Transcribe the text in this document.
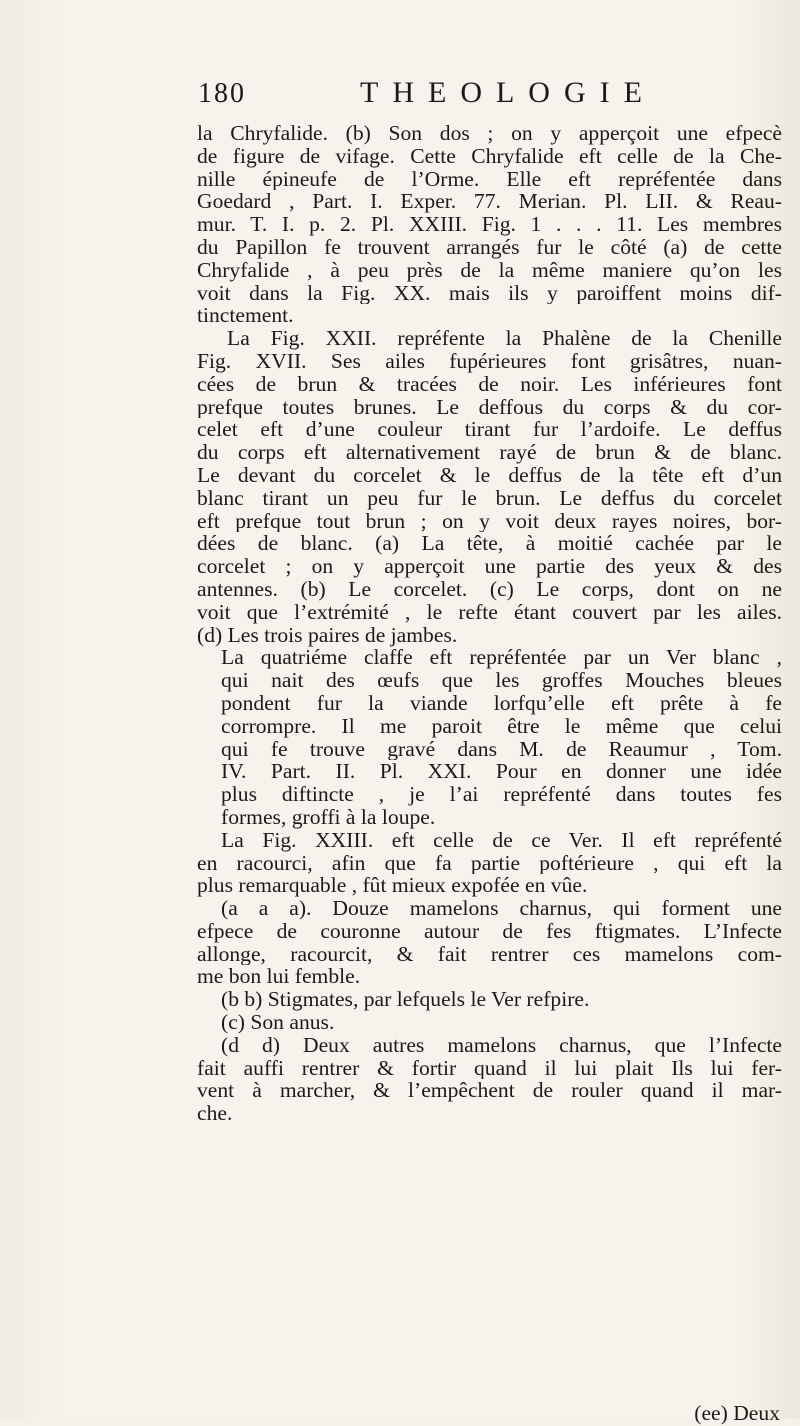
180	THEOLOGIE
la Chryfalide. (b) Son dos ; on y apperçoit une efpecè
de figure de vifage. Cette Chryfalide eft celle de la Che-
nille épineufe de l’Orme. Elle eft repréfentée dans
Goedard , Part. I. Exper. 77. Merian. Pl. LII. & Reau-
mur. T. I. p. 2. Pl. XXIII. Fig. 1 . . . 11. Les membres
du Papillon fe trouvent arrangés fur le côté (a) de cette
Chryfalide , à peu près de la même maniere qu’on les
voit dans la Fig. XX. mais ils y paroiffent moins dif-
tinctement.
La Fig. XXII. repréfente la Phalène de la Chenille
Fig. XVII. Ses ailes fupérieures font grisâtres, nuan-
cées de brun & tracées de noir. Les inférieures font
prefque toutes brunes. Le deffous du corps & du cor-
celet eft d’une couleur tirant fur l’ardoife. Le deffus
du corps eft alternativement rayé de brun & de blanc.
Le devant du corcelet & le deffus de la tête eft d’un
blanc tirant un peu fur le brun. Le deffus du corcelet
eft prefque tout brun ; on y voit deux rayes noires, bor-
dées de blanc. (a) La tête, à moitié cachée par le
corcelet ; on y apperçoit une partie des yeux & des
antennes. (b) Le corcelet. (c) Le corps, dont on ne
voit que l’extrémité , le refte étant couvert par les ailes.
(d) Les trois paires de jambes.
La quatriéme claffe eft repréfentée par un Ver blanc ,
qui nait des œufs que les groffes Mouches bleues
pondent fur la viande lorfqu’elle eft prête à fe
corrompre. Il me paroit être le même que celui
qui fe trouve gravé dans M. de Reaumur , Tom.
IV. Part. II. Pl. XXI. Pour en donner une idée
plus diftincte , je l’ai repréfenté dans toutes fes
formes, groffi à la loupe.
La Fig. XXIII. eft celle de ce Ver. Il eft repréfenté
en racourci, afin que fa partie poftérieure , qui eft la
plus remarquable , fût mieux expofée en vûe.
(a a a). Douze mamelons charnus, qui forment une
efpece de couronne autour de fes ftigmates. L’Infecte
allonge, racourcit, & fait rentrer ces mamelons com-
me bon lui femble.
(b b) Stigmates, par lefquels le Ver refpire.
(c) Son anus.
(d d) Deux autres mamelons charnus, que l’Infecte
fait auffi rentrer & fortir quand il lui plait Ils lui fer-
vent à marcher, & l’empêchent de rouler quand il mar-
che.
(ee) Deux
